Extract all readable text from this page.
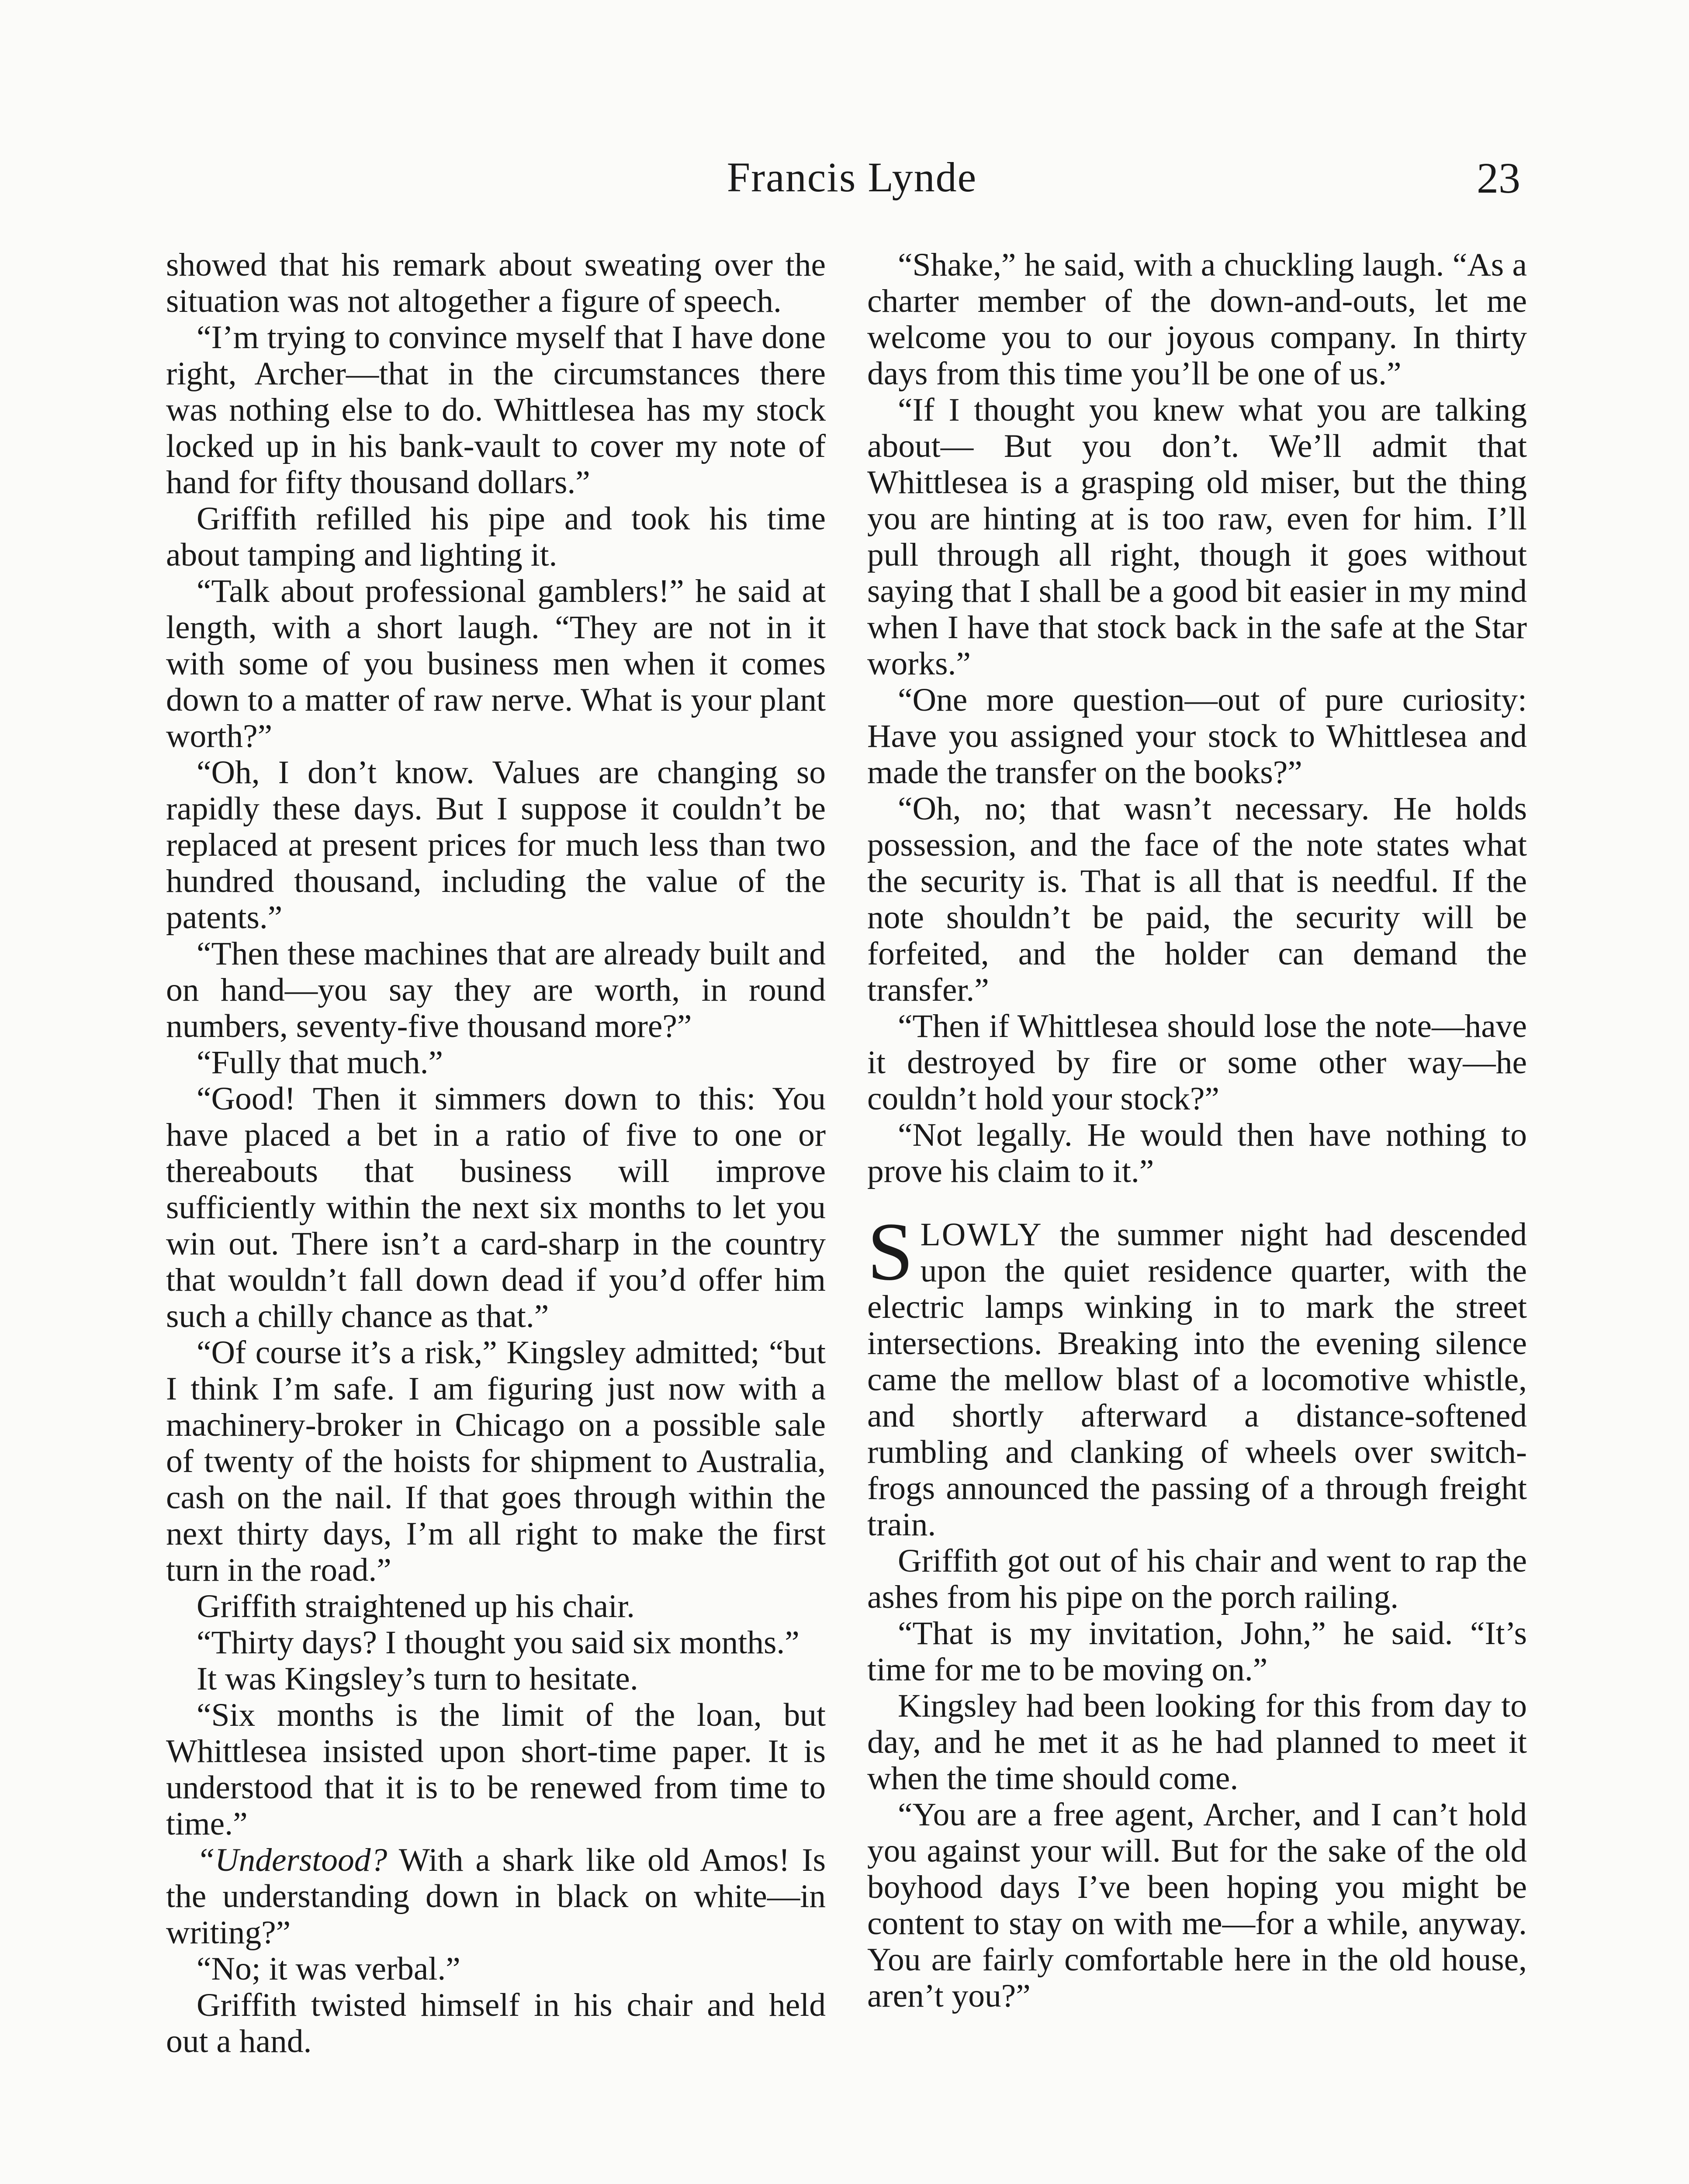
Francis Lynde	23

showed that his remark about sweating over the situation was not altogether a figure of speech.

“I’m trying to convince myself that I have done right, Archer—that in the circumstances there was nothing else to do. Whittlesea has my stock locked up in his bank-vault to cover my note of hand for fifty thousand dollars.”

Griffith refilled his pipe and took his time about tamping and lighting it.

“Talk about professional gamblers!” he said at length, with a short laugh. “They are not in it with some of you business men when it comes down to a matter of raw nerve. What is your plant worth?”

“Oh, I don’t know. Values are changing so rapidly these days. But I suppose it couldn’t be replaced at present prices for much less than two hundred thousand, including the value of the patents.”

“Then these machines that are already built and on hand—you say they are worth, in round numbers, seventy-five thousand more?”

“Fully that much.”

“Good! Then it simmers down to this: You have placed a bet in a ratio of five to one or thereabouts that business will improve sufficiently within the next six months to let you win out. There isn’t a card-sharp in the country that wouldn’t fall down dead if you’d offer him such a chilly chance as that.”

“Of course it’s a risk,” Kingsley admitted; “but I think I’m safe. I am figuring just now with a machinery-broker in Chicago on a possible sale of twenty of the hoists for shipment to Australia, cash on the nail. If that goes through within the next thirty days, I’m all right to make the first turn in the road.”

Griffith straightened up his chair.

“Thirty days? I thought you said six months.”

It was Kingsley’s turn to hesitate.

“Six months is the limit of the loan, but Whittlesea insisted upon short-time paper. It is understood that it is to be renewed from time to time.”

“Understood? With a shark like old Amos! Is the understanding down in black on white—in writing?”

“No; it was verbal.”

Griffith twisted himself in his chair and held out a hand.

“Shake,” he said, with a chuckling laugh. “As a charter member of the down-and-outs, let me welcome you to our joyous company. In thirty days from this time you’ll be one of us.”

“If I thought you knew what you are talking about— But you don’t. We’ll admit that Whittlesea is a grasping old miser, but the thing you are hinting at is too raw, even for him. I’ll pull through all right, though it goes without saying that I shall be a good bit easier in my mind when I have that stock back in the safe at the Star works.”

“One more question—out of pure curiosity: Have you assigned your stock to Whittlesea and made the transfer on the books?”

“Oh, no; that wasn’t necessary. He holds possession, and the face of the note states what the security is. That is all that is needful. If the note shouldn’t be paid, the security will be forfeited, and the holder can demand the transfer.”

“Then if Whittlesea should lose the note—have it destroyed by fire or some other way—he couldn’t hold your stock?”

“Not legally. He would then have nothing to prove his claim to it.”

SLOWLY the summer night had descended upon the quiet residence quarter, with the electric lamps winking in to mark the street intersections. Breaking into the evening silence came the mellow blast of a locomotive whistle, and shortly afterward a distance-softened rumbling and clanking of wheels over switch-frogs announced the passing of a through freight train.

Griffith got out of his chair and went to rap the ashes from his pipe on the porch railing.

“That is my invitation, John,” he said. “It’s time for me to be moving on.”

Kingsley had been looking for this from day to day, and he met it as he had planned to meet it when the time should come.

“You are a free agent, Archer, and I can’t hold you against your will. But for the sake of the old boyhood days I’ve been hoping you might be content to stay on with me—for a while, anyway. You are fairly comfortable here in the old house, aren’t you?”
